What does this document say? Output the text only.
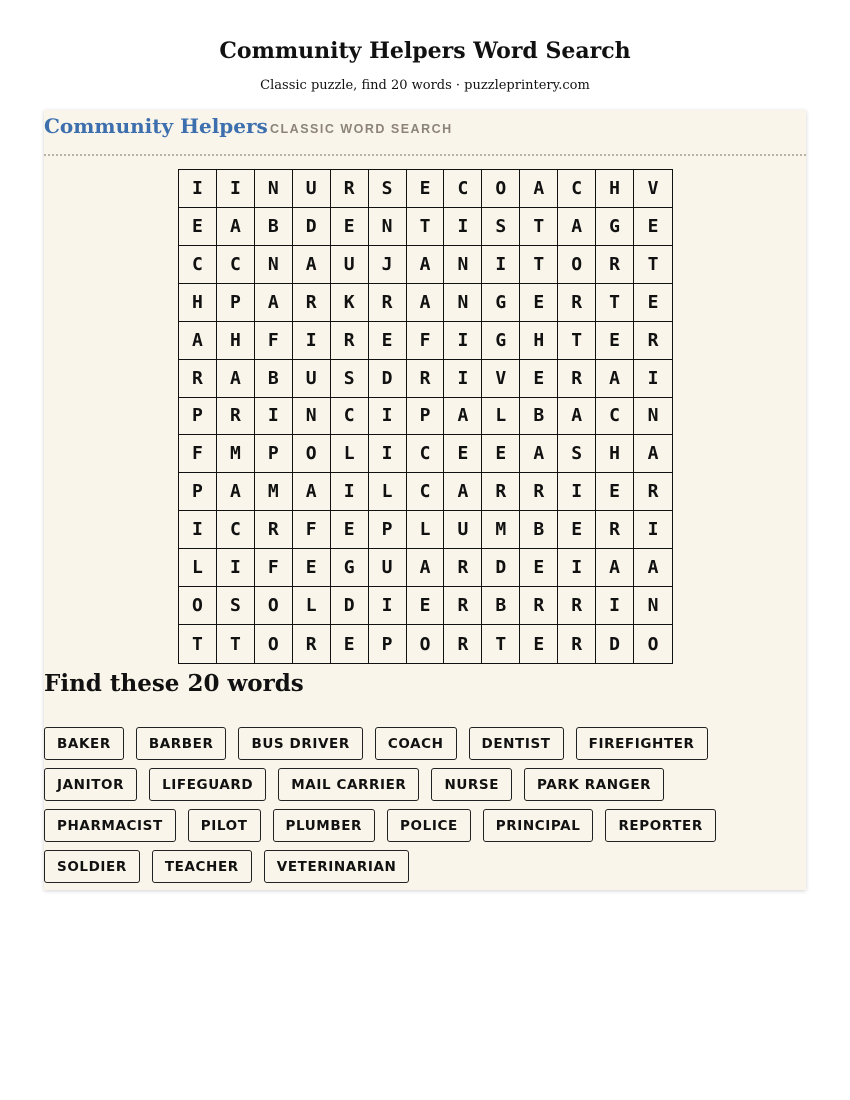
Community Helpers Word Search
Classic puzzle, find 20 words · puzzleprintery.com
Community Helpers CLASSIC WORD SEARCH
I	I	N	U	R	S	E	C	O	A	C	H	V
E	A	B	D	E	N	T	I	S	T	A	G	E
C	C	N	A	U	J	A	N	I	T	O	R	T
H	P	A	R	K	R	A	N	G	E	R	T	E
A	H	F	I	R	E	F	I	G	H	T	E	R
R	A	B	U	S	D	R	I	V	E	R	A	I
P	R	I	N	C	I	P	A	L	B	A	C	N
F	M	P	O	L	I	C	E	E	A	S	H	A
P	A	M	A	I	L	C	A	R	R	I	E	R
I	C	R	F	E	P	L	U	M	B	E	R	I
L	I	F	E	G	U	A	R	D	E	I	A	A
O	S	O	L	D	I	E	R	B	R	R	I	N
T	T	O	R	E	P	O	R	T	E	R	D	O
Find these 20 words
BAKER	BARBER	BUS DRIVER	COACH	DENTIST	FIREFIGHTER
JANITOR	LIFEGUARD	MAIL CARRIER	NURSE	PARK RANGER
PHARMACIST	PILOT	PLUMBER	POLICE	PRINCIPAL	REPORTER
SOLDIER	TEACHER	VETERINARIAN
